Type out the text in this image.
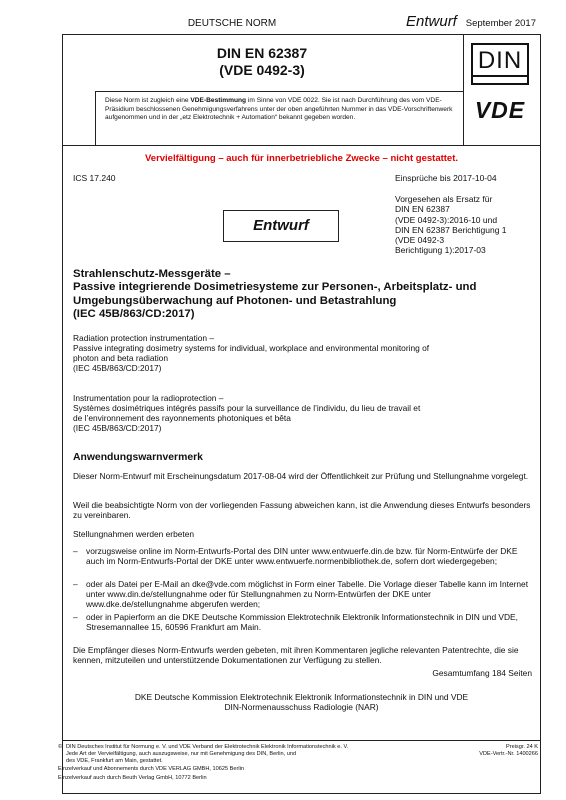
DEUTSCHE NORM	Entwurf September 2017
DIN EN 62387
(VDE 0492-3)	DIN
Diese Norm ist zugleich eine VDE-Bestimmung im Sinne von VDE 0022. Sie ist nach Durchführung des vom VDE-Präsidium beschlossenen Genehmigungsverfahrens unter der oben angeführten Nummer in das VDE-Vorschriftenwerk aufgenommen und in der „etz Elektrotechnik + Automation“ bekannt gegeben worden.	VDE
Vervielfältigung – auch für innerbetriebliche Zwecke – nicht gestattet.
ICS 17.240	Einsprüche bis 2017-10-04
Vorgesehen als Ersatz für
DIN EN 62387
(VDE 0492-3):2016-10 und
DIN EN 62387 Berichtigung 1
(VDE 0492-3
Berichtigung 1):2017-03
Entwurf
Strahlenschutz-Messgeräte –
Passive integrierende Dosimetriesysteme zur Personen-, Arbeitsplatz- und
Umgebungsüberwachung auf Photonen- und Betastrahlung
(IEC 45B/863/CD:2017)
Radiation protection instrumentation –
Passive integrating dosimetry systems for individual, workplace and environmental monitoring of
photon and beta radiation
(IEC 45B/863/CD:2017)
Instrumentation pour la radioprotection –
Systèmes dosimétriques intégrés passifs pour la surveillance de l’individu, du lieu de travail et
de l’environnement des rayonnements photoniques et bêta
(IEC 45B/863/CD:2017)
Anwendungswarnvermerk
Dieser Norm-Entwurf mit Erscheinungsdatum 2017-08-04 wird der Öffentlichkeit zur Prüfung und Stellungnahme vorgelegt.
Weil die beabsichtigte Norm von der vorliegenden Fassung abweichen kann, ist die Anwendung dieses Entwurfs besonders zu vereinbaren.
Stellungnahmen werden erbeten
– vorzugsweise online im Norm-Entwurfs-Portal des DIN unter www.entwuerfe.din.de bzw. für Norm-Entwürfe der DKE auch im Norm-Entwurfs-Portal der DKE unter www.entwuerfe.normenbibliothek.de, sofern dort wiedergegeben;
– oder als Datei per E-Mail an dke@vde.com möglichst in Form einer Tabelle. Die Vorlage dieser Tabelle kann im Internet unter www.din.de/stellungnahme oder für Stellungnahmen zu Norm-Entwürfen der DKE unter www.dke.de/stellungnahme abgerufen werden;
– oder in Papierform an die DKE Deutsche Kommission Elektrotechnik Elektronik Informationstechnik in DIN und VDE, Stresemannallee 15, 60596 Frankfurt am Main.
Die Empfänger dieses Norm-Entwurfs werden gebeten, mit ihren Kommentaren jegliche relevanten Patentrechte, die sie kennen, mitzuteilen und unterstützende Dokumentationen zur Verfügung zu stellen.
Gesamtumfang 184 Seiten
DKE Deutsche Kommission Elektrotechnik Elektronik Informationstechnik in DIN und VDE
DIN-Normenausschuss Radiologie (NAR)
© DIN Deutsches Institut für Normung e. V. und VDE Verband der Elektrotechnik Elektronik Informationstechnik e. V.
Jede Art der Vervielfältigung, auch auszugsweise, nur mit Genehmigung des DIN, Berlin, und
des VDE, Frankfurt am Main, gestattet.
Einzelverkauf und Abonnements durch VDE VERLAG GMBH, 10625 Berlin
Einzelverkauf auch durch Beuth Verlag GmbH, 10772 Berlin
Preisgr. 24 K
VDE-Vertr.-Nr. 1400266
